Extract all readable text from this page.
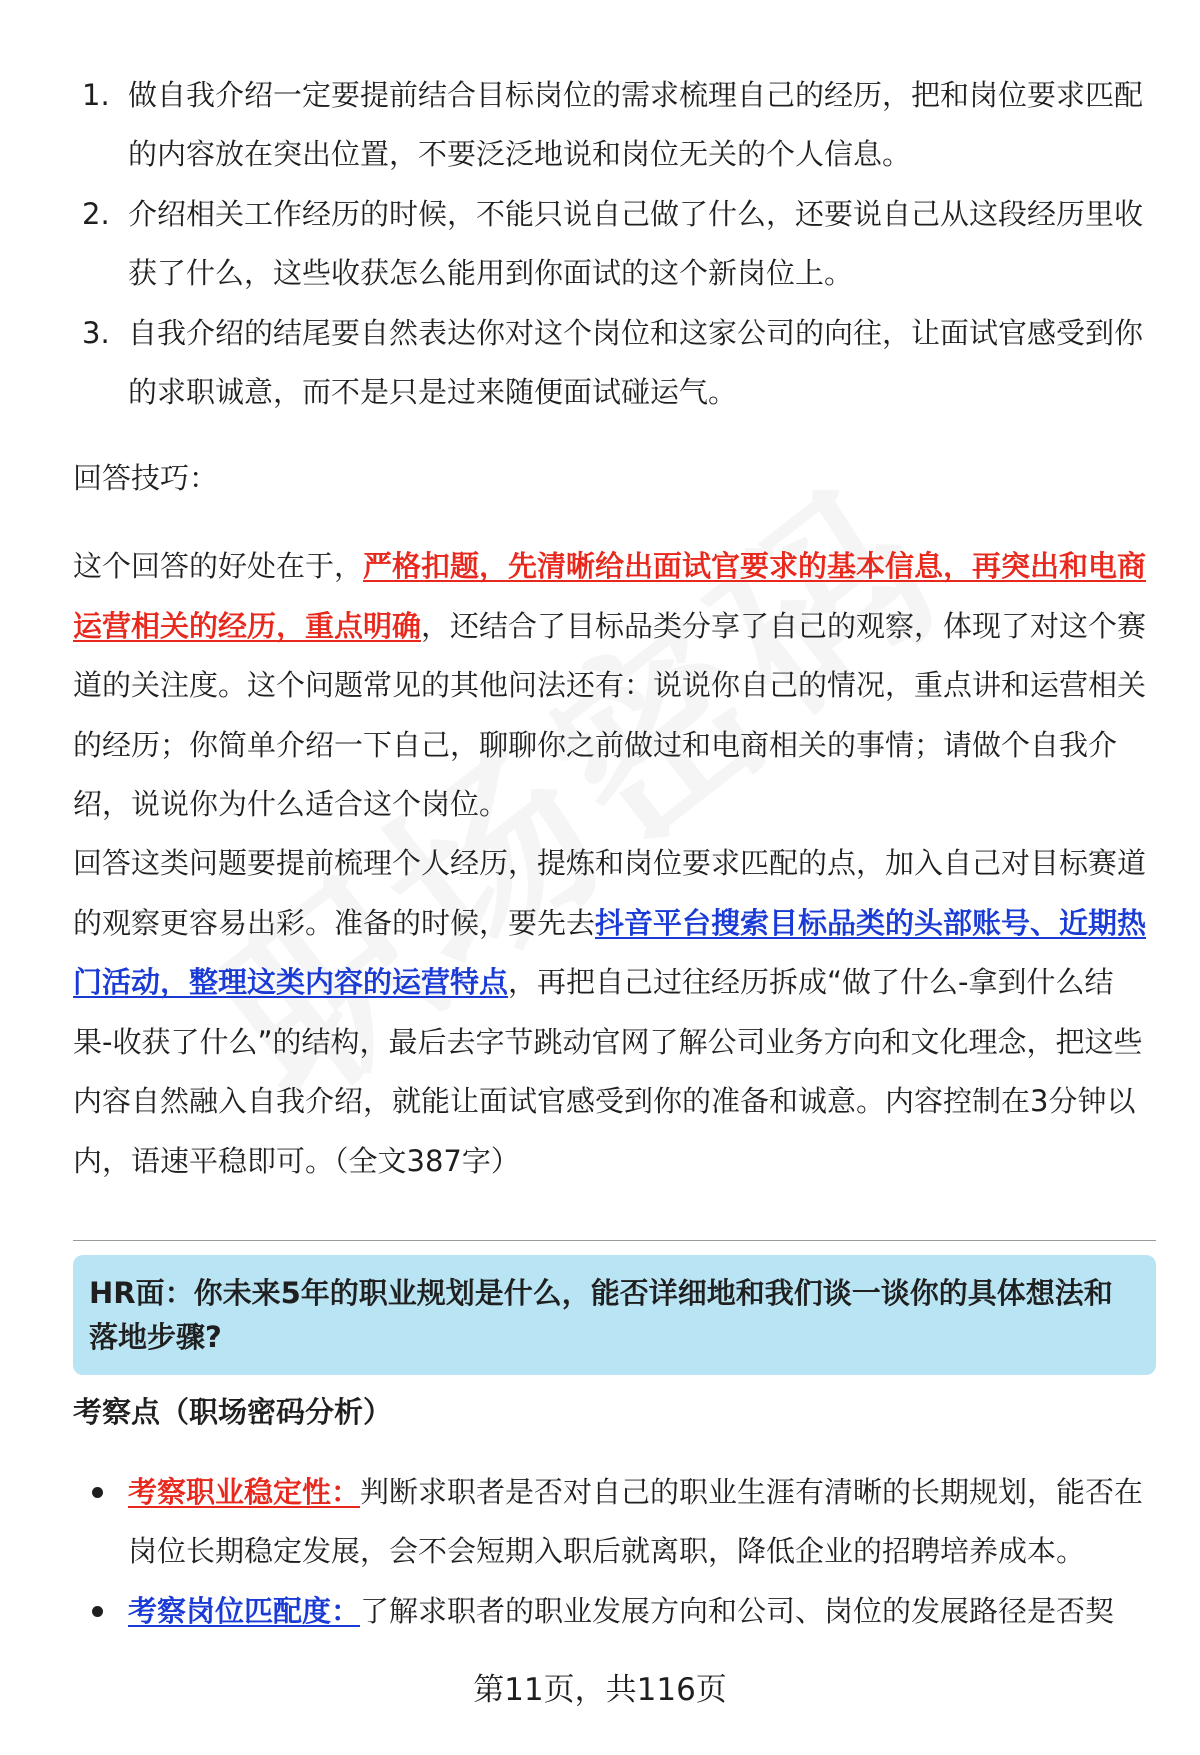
1. 做自我介绍一定要提前结合目标岗位的需求梳理自己的经历，把和岗位要求匹配的内容放在突出位置，不要泛泛地说和岗位无关的个人信息。
2. 介绍相关工作经历的时候，不能只说自己做了什么，还要说自己从这段经历里收获了什么，这些收获怎么能用到你面试的这个新岗位上。
3. 自我介绍的结尾要自然表达你对这个岗位和这家公司的向往，让面试官感受到你的求职诚意，而不是只是过来随便面试碰运气。
回答技巧：

这个回答的好处在于，严格扣题，先清晰给出面试官要求的基本信息，再突出和电商运营相关的经历，重点明确，还结合了目标品类分享了自己的观察，体现了对这个赛道的关注度。这个问题常见的其他问法还有：说说你自己的情况，重点讲和运营相关的经历；你简单介绍一下自己，聊聊你之前做过和电商相关的事情；请做个自我介绍，说说你为什么适合这个岗位。

回答这类问题要提前梳理个人经历，提炼和岗位要求匹配的点，加入自己对目标赛道的观察更容易出彩。准备的时候，要先去抖音平台搜索目标品类的头部账号、近期热门活动，整理这类内容的运营特点，再把自己过往经历拆成“做了什么-拿到什么结果-收获了什么”的结构，最后去字节跳动官网了解公司业务方向和文化理念，把这些内容自然融入自我介绍，就能让面试官感受到你的准备和诚意。内容控制在3分钟以内，语速平稳即可。（全文387字）

HR面：你未来5年的职业规划是什么，能否详细地和我们谈一谈你的具体想法和落地步骤?
考察点（职场密码分析）
考察职业稳定性：判断求职者是否对自己的职业生涯有清晰的长期规划，能否在岗位长期稳定发展，会不会短期入职后就离职，降低企业的招聘培养成本。
考察岗位匹配度：了解求职者的职业发展方向和公司、岗位的发展路径是否契
第11页，共116页
